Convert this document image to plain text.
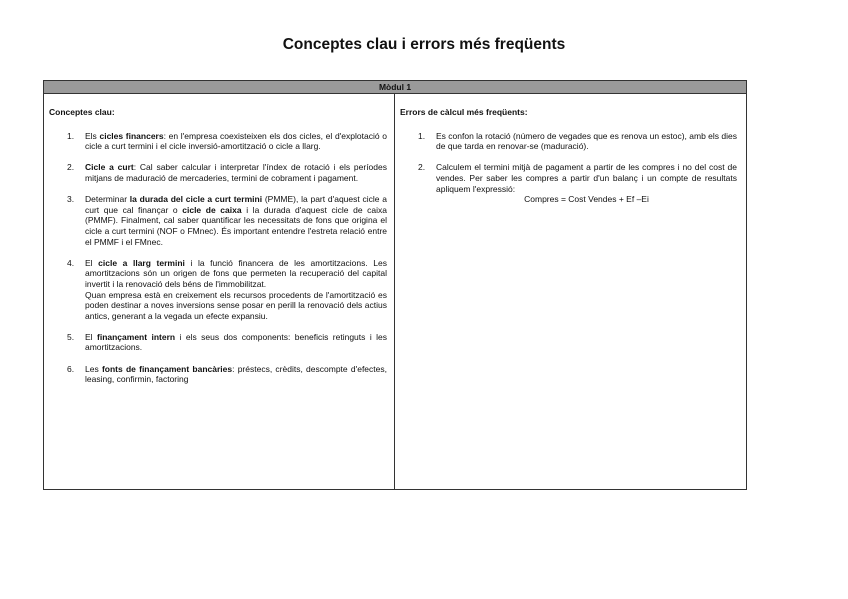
Conceptes clau i errors més freqüents
Mòdul 1
Conceptes clau:
1. Els cicles financers: en l'empresa coexisteixen els dos cicles, el d'explotació o cicle a curt termini i el cicle inversió-amortització o cicle a llarg.
2. Cicle a curt: Cal saber calcular i interpretar l'índex de rotació i els períodes mitjans de maduració de mercaderies, termini de cobrament i pagament.
3. Determinar la durada del cicle a curt termini (PMME), la part d'aquest cicle a curt que cal finançar o cicle de caixa i la durada d'aquest cicle de caixa (PMMF). Finalment, cal saber quantificar les necessitats de fons que origina el cicle a curt termini (NOF o FMnec). És important entendre l'estreta relació entre el PMMF i el FMnec.
4. El cicle a llarg termini i la funció financera de les amortitzacions. Les amortitzacions són un origen de fons que permeten la recuperació del capital invertit i la renovació dels béns de l'immobilitzat.
Quan empresa està en creixement els recursos procedents de l'amortització es poden destinar a noves inversions sense posar en perill la renovació dels actius antics, generant a la vegada un efecte expansiu.
5. El finançament intern i els seus dos components: beneficis retinguts i les amortitzacions.
6. Les fonts de finançament bancàries: préstecs, crèdits, descompte d'efectes, leasing, confirmin, factoring
Errors de càlcul més freqüents:
1. Es confon la rotació (número de vegades que es renova un estoc), amb els dies de que tarda en renovar-se (maduració).
2. Calculem el termini mitjà de pagament a partir de les compres i no del cost de vendes. Per saber les compres a partir d'un balanç i un compte de resultats apliquem l'expressió:
Compres = Cost Vendes + Ef –Ei
